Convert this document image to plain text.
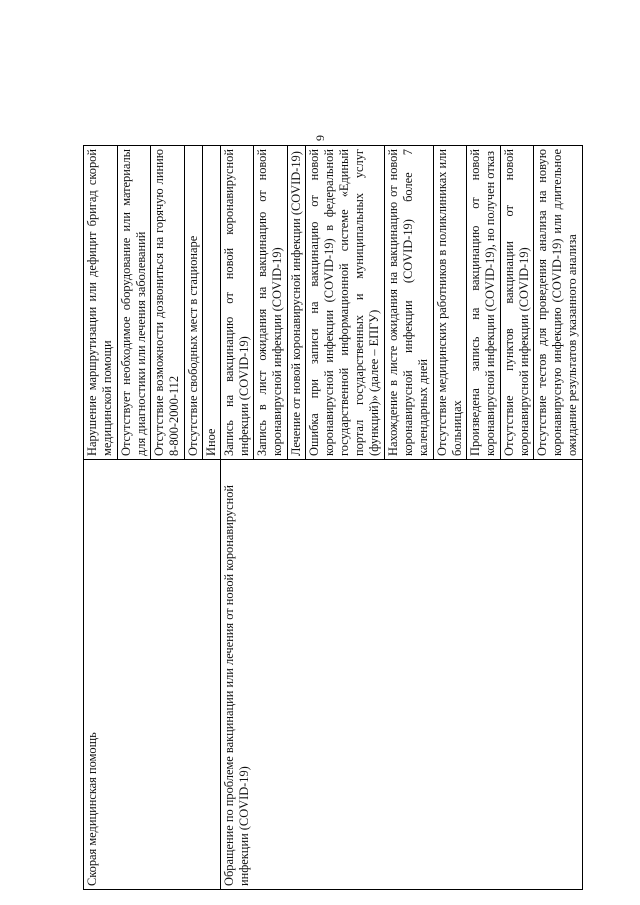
9
Скорая медицинская помощь	Нарушение маршрутизации или дефицит бригад скорой медицинской помощи
	Отсутствует необходимое оборудование или материалы для диагностики или лечения заболеваний
	Отсутствие возможности дозвониться на горячую линию 8-800-2000-112
	Отсутствие свободных мест в стационаре
	Иное
Обращение по проблеме вакцинации или лечения от новой коронавирусной инфекции (COVID-19)	Запись на вакцинацию от новой коронавирусной инфекции (COVID-19)
	Запись в лист ожидания на вакцинацию от новой коронавирусной инфекции (COVID-19)
	Лечение от новой коронавирусной инфекции (COVID-19)
	Ошибка при записи на вакцинацию от новой коронавирусной инфекции (COVID-19) в федеральной государственной информационной системе «Единый портал государственных и муниципальных услуг (функций)» (далее – ЕПГУ)
	Нахождение в листе ожидания на вакцинацию от новой коронавирусной инфекции (COVID-19) более 7 календарных дней
	Отсутствие медицинских работников в поликлиниках или больницах
	Произведена запись на вакцинацию от новой коронавирусной инфекции (COVID-19), но получен отказ
	Отсутствие пунктов вакцинации от новой коронавирусной инфекции (COVID-19)
	Отсутствие тестов для проведения анализа на новую коронавирусную инфекцию (COVID-19) или длительное ожидание результатов указанного анализа
